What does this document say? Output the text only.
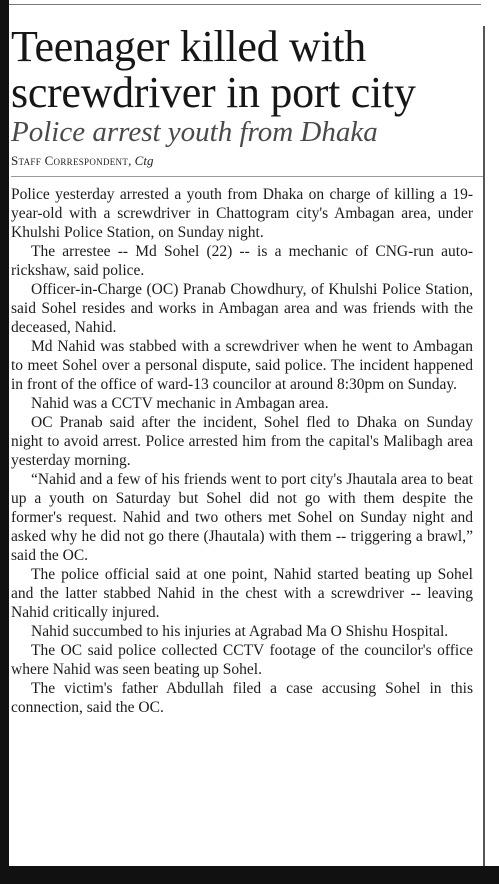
Teenager killed with screwdriver in port city
Police arrest youth from Dhaka
Staff Correspondent, Ctg

Police yesterday arrested a youth from Dhaka on charge of killing a 19-year-old with a screwdriver in Chattogram city's Ambagan area, under Khulshi Police Station, on Sunday night.

The arrestee -- Md Sohel (22) -- is a mechanic of CNG-run auto-rickshaw, said police.

Officer-in-Charge (OC) Pranab Chowdhury, of Khulshi Police Station, said Sohel resides and works in Ambagan area and was friends with the deceased, Nahid.

Md Nahid was stabbed with a screwdriver when he went to Ambagan to meet Sohel over a personal dispute, said police. The incident happened in front of the office of ward-13 councilor at around 8:30pm on Sunday.

Nahid was a CCTV mechanic in Ambagan area.

OC Pranab said after the incident, Sohel fled to Dhaka on Sunday night to avoid arrest. Police arrested him from the capital's Malibagh area yesterday morning.

“Nahid and a few of his friends went to port city's Jhautala area to beat up a youth on Saturday but Sohel did not go with them despite the former's request. Nahid and two others met Sohel on Sunday night and asked why he did not go there (Jhautala) with them -- triggering a brawl,” said the OC.

The police official said at one point, Nahid started beating up Sohel and the latter stabbed Nahid in the chest with a screwdriver -- leaving Nahid critically injured.

Nahid succumbed to his injuries at Agrabad Ma O Shishu Hospital.

The OC said police collected CCTV footage of the councilor's office where Nahid was seen beating up Sohel.

The victim's father Abdullah filed a case accusing Sohel in this connection, said the OC.
